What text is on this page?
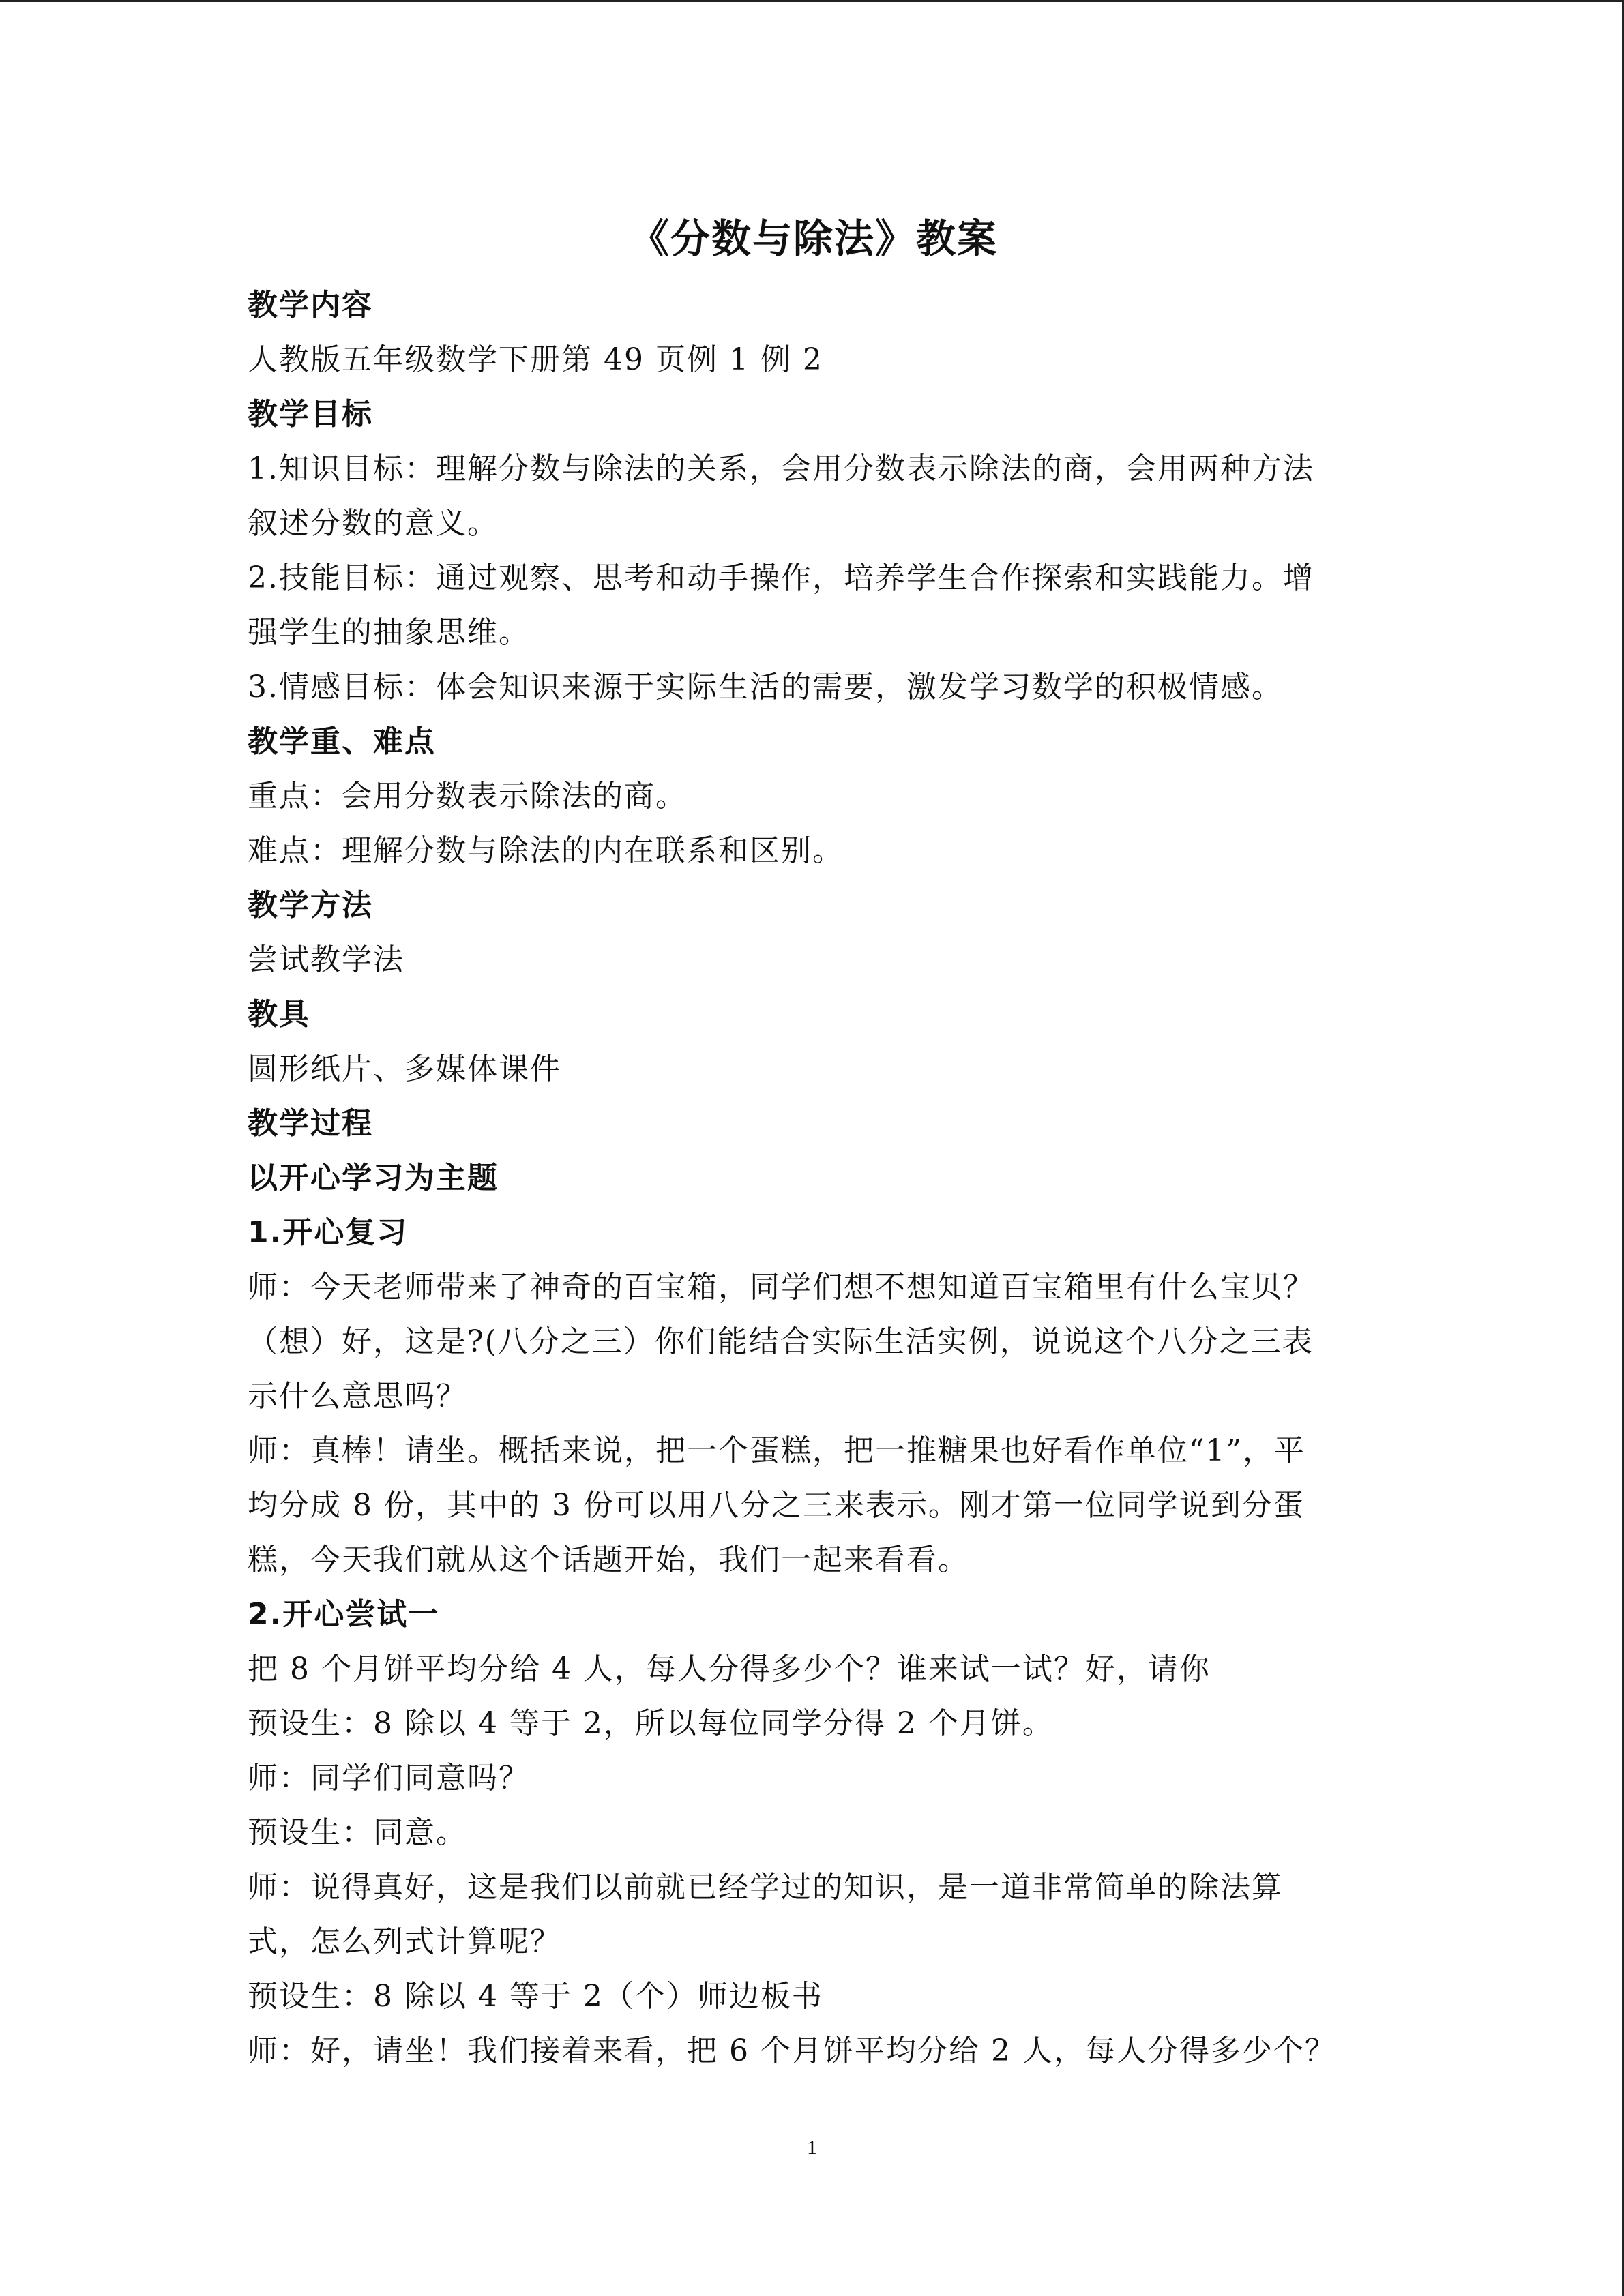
《分数与除法》教案
教学内容
人教版五年级数学下册第 49 页例 1 例 2
教学目标
1.知识目标：理解分数与除法的关系，会用分数表示除法的商，会用两种方法
叙述分数的意义。
2.技能目标：通过观察、思考和动手操作，培养学生合作探索和实践能力。增
强学生的抽象思维。
3.情感目标：体会知识来源于实际生活的需要，激发学习数学的积极情感。
教学重、难点
重点：会用分数表示除法的商。
难点：理解分数与除法的内在联系和区别。
教学方法
尝试教学法
教具
圆形纸片、多媒体课件
教学过程
以开心学习为主题
1.开心复习
师：今天老师带来了神奇的百宝箱，同学们想不想知道百宝箱里有什么宝贝？
（想）好，这是?(八分之三）你们能结合实际生活实例，说说这个八分之三表
示什么意思吗？
师：真棒！请坐。概括来说，把一个蛋糕，把一推糖果也好看作单位“1”，平
均分成 8 份，其中的 3 份可以用八分之三来表示。刚才第一位同学说到分蛋
糕，今天我们就从这个话题开始，我们一起来看看。
2.开心尝试一
把 8 个月饼平均分给 4 人，每人分得多少个？谁来试一试？好，请你
预设生：8 除以 4 等于 2，所以每位同学分得 2 个月饼。
师：同学们同意吗？
预设生：同意。
师：说得真好，这是我们以前就已经学过的知识，是一道非常简单的除法算
式，怎么列式计算呢？
预设生：8 除以 4 等于 2（个）师边板书
师：好，请坐！我们接着来看，把 6 个月饼平均分给 2 人，每人分得多少个？
1
